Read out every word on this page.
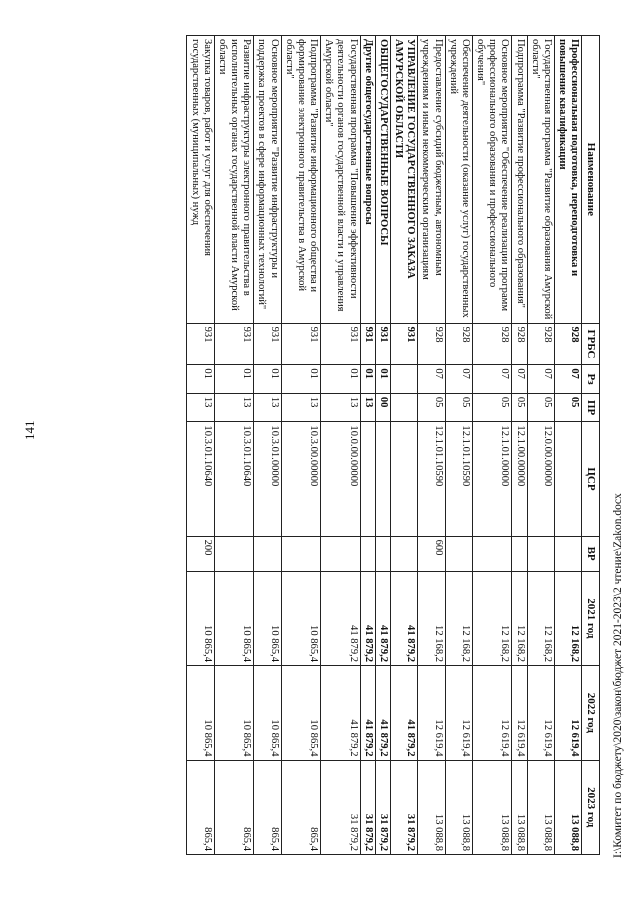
141
Наименование	ГРБС	Рз	ПР	ЦСР	ВР	2021 год	2022 год	2023 год
Профессиональная подготовка, переподготовка и повышение квалификации	928	07	05			12 168,2	12 619,4	13 088,8
Государственная программа "Развитие образования Амурской области"	928	07	05	12.0.00.00000		12 168,2	12 619,4	13 088,8
Подпрограмма "Развитие профессионального образования"	928	07	05	12.1.00.00000		12 168,2	12 619,4	13 088,8
Основное мероприятие "Обеспечение реализации программ профессионального образования и профессионального обучения"	928	07	05	12.1.01.00000		12 168,2	12 619,4	13 088,8
Обеспечение деятельности (оказание услуг) государственных учреждений	928	07	05	12.1.01.10590		12 168,2	12 619,4	13 088,8
Предоставление субсидий бюджетным, автономным учреждениям и иным некоммерческим организациям	928	07	05	12.1.01.10590	600	12 168,2	12 619,4	13 088,8
УПРАВЛЕНИЕ ГОСУДАРСТВЕННОГО ЗАКАЗА АМУРСКОЙ ОБЛАСТИ	931					41 879,2	41 879,2	31 879,2
ОБЩЕГОСУДАРСТВЕННЫЕ ВОПРОСЫ	931	01	00			41 879,2	41 879,2	31 879,2
Другие общегосударственные вопросы	931	01	13			41 879,2	41 879,2	31 879,2
Государственная программа "Повышение эффективности деятельности органов государственной власти и управления Амурской области"	931	01	13	10.0.00.00000		41 879,2	41 879,2	31 879,2
Подпрограмма "Развитие информационного общества и формирование электронного правительства в Амурской области"	931	01	13	10.3.00.00000		10 865,4	10 865,4	865,4
Основное мероприятие "Развитие инфраструктуры и поддержка проектов в сфере информационных технологий"	931	01	13	10.3.01.00000		10 865,4	10 865,4	865,4
Развитие инфраструктуры электронного правительства в исполнительных органах государственной власти Амурской области	931	01	13	10.3.01.10640		10 865,4	10 865,4	865,4
Закупка товаров, работ и услуг для обеспечения государственных (муниципальных) нужд	931	01	13	10.3.01.10640	200	10 865,4	10 865,4	865,4	I:\Комитет по бюджету\2020\закон\бюджет 2021-2023\2 чтение\Zakon.docx
